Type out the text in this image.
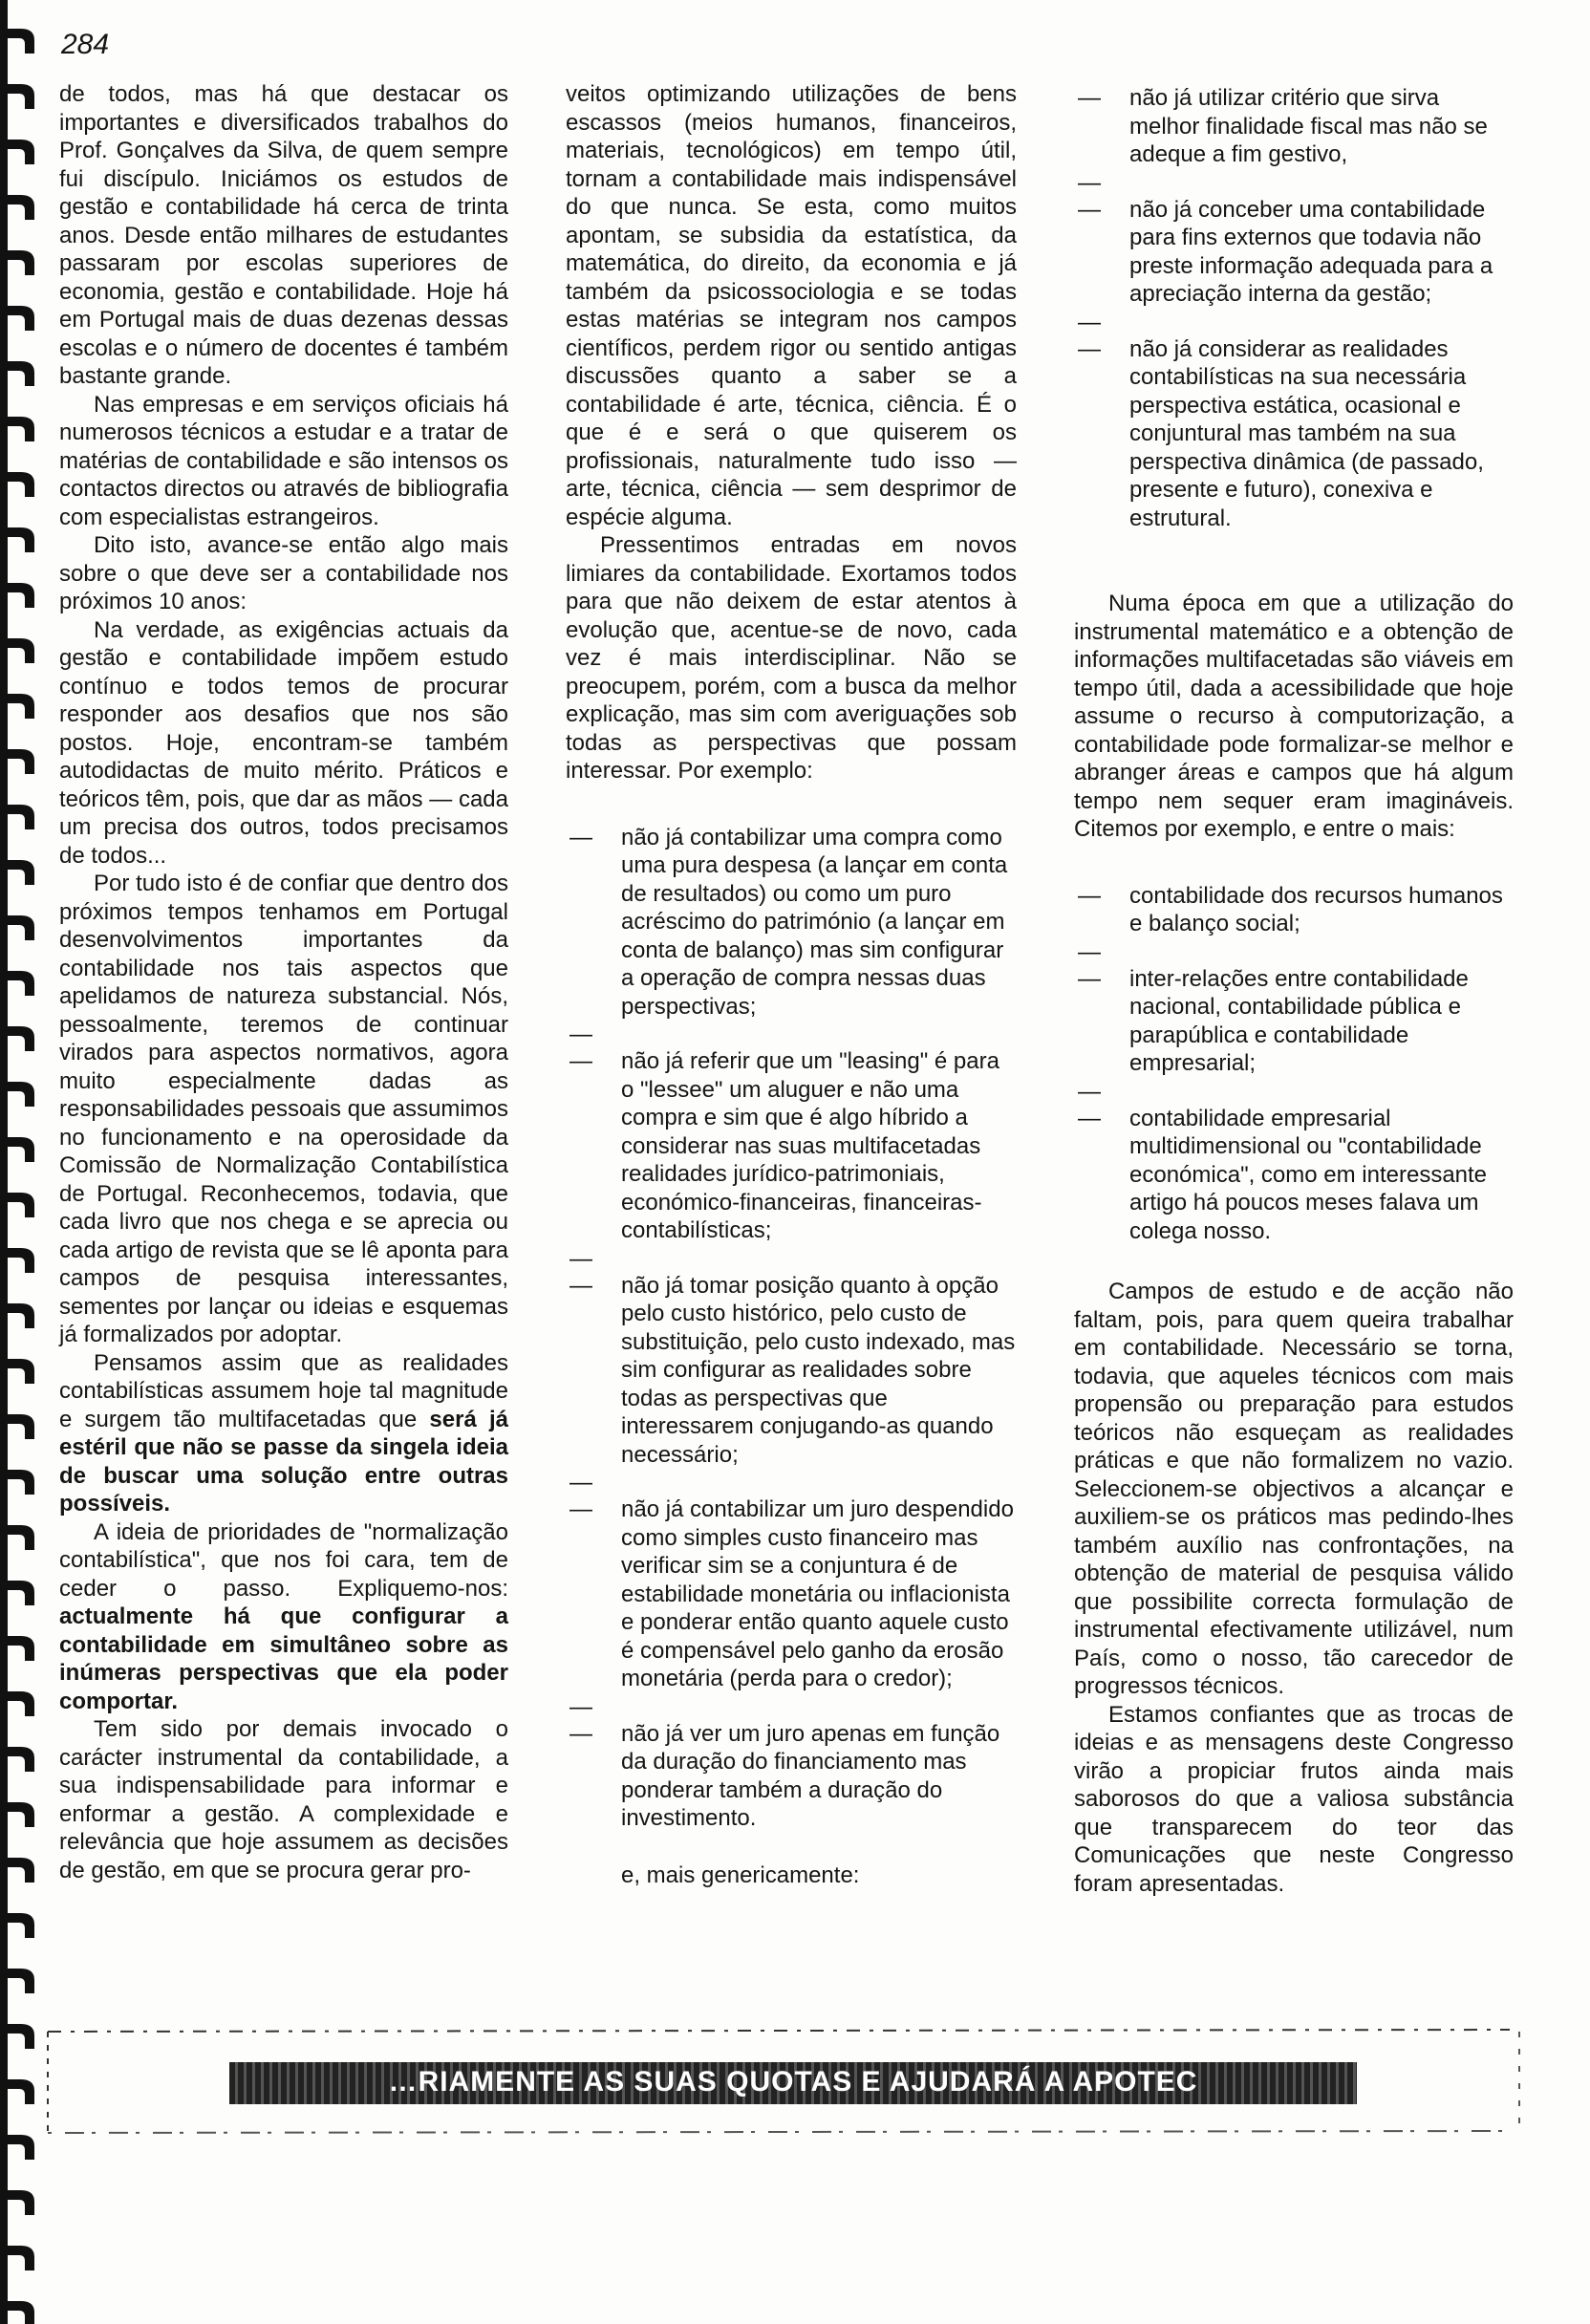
284

de todos, mas há que destacar os importantes e diversificados trabalhos do Prof. Gonçalves da Silva, de quem sempre fui discípulo. Iniciámos os estudos de gestão e contabilidade há cerca de trinta anos. Desde então milhares de estudantes passaram por escolas superiores de economia, gestão e contabilidade. Hoje há em Portugal mais de duas dezenas dessas escolas e o número de docentes é também bastante grande.

Nas empresas e em serviços oficiais há numerosos técnicos a estudar e a tratar de matérias de contabilidade e são intensos os contactos directos ou através de bibliografia com especialistas estrangeiros.

Dito isto, avance-se então algo mais sobre o que deve ser a contabilidade nos próximos 10 anos:

Na verdade, as exigências actuais da gestão e contabilidade impõem estudo contínuo e todos temos de procurar responder aos desafios que nos são postos. Hoje, encontram-se também autodidactas de muito mérito. Práticos e teóricos têm, pois, que dar as mãos — cada um precisa dos outros, todos precisamos de todos...

Por tudo isto é de confiar que dentro dos próximos tempos tenhamos em Portugal desenvolvimentos importantes da contabilidade nos tais aspectos que apelidamos de natureza substancial. Nós, pessoalmente, teremos de continuar virados para aspectos normativos, agora muito especialmente dadas as responsabilidades pessoais que assumimos no funcionamento e na operosidade da Comissão de Normalização Contabilística de Portugal. Reconhecemos, todavia, que cada livro que nos chega e se aprecia ou cada artigo de revista que se lê aponta para campos de pesquisa interessantes, sementes por lançar ou ideias e esquemas já formalizados por adoptar.

Pensamos assim que as realidades contabilísticas assumem hoje tal magnitude e surgem tão multifacetadas que será já estéril que não se passe da singela ideia de buscar uma solução entre outras possíveis.

A ideia de prioridades de "normalização contabilística", que nos foi cara, tem de ceder o passo. Expliquemo-nos: actualmente há que configurar a contabilidade em simultâneo sobre as inúmeras perspectivas que ela poder comportar.

Tem sido por demais invocado o carácter instrumental da contabilidade, a sua indispensabilidade para informar e enformar a gestão. A complexidade e relevância que hoje assumem as decisões de gestão, em que se procura gerar pro-

veitos optimizando utilizações de bens escassos (meios humanos, financeiros, materiais, tecnológicos) em tempo útil, tornam a contabilidade mais indispensável do que nunca. Se esta, como muitos apontam, se subsidia da estatística, da matemática, do direito, da economia e já também da psicossociologia e se todas estas matérias se integram nos campos científicos, perdem rigor ou sentido antigas discussões quanto a saber se a contabilidade é arte, técnica, ciência. É o que é e será o que quiserem os profissionais, naturalmente tudo isso — arte, técnica, ciência — sem desprimor de espécie alguma.

Pressentimos entradas em novos limiares da contabilidade. Exortamos todos para que não deixem de estar atentos à evolução que, acentue-se de novo, cada vez é mais interdisciplinar. Não se preocupem, porém, com a busca da melhor explicação, mas sim com averiguações sob todas as perspectivas que possam interessar. Por exemplo:

— não já contabilizar uma compra como uma pura despesa (a lançar em conta de resultados) ou como um puro acréscimo do património (a lançar em conta de balanço) mas sim configurar a operação de compra nessas duas perspectivas;
—
— não já referir que um "leasing" é para o "lessee" um aluguer e não uma compra e sim que é algo híbrido a considerar nas suas multifacetadas realidades jurídico-patrimoniais, económico-financeiras, financeiras-contabilísticas;
—
— não já tomar posição quanto à opção pelo custo histórico, pelo custo de substituição, pelo custo indexado, mas sim configurar as realidades sobre todas as perspectivas que interessarem conjugando-as quando necessário;
—
— não já contabilizar um juro despendido como simples custo financeiro mas verificar sim se a conjuntura é de estabilidade monetária ou inflacionista e ponderar então quanto aquele custo é compensável pelo ganho da erosão monetária (perda para o credor);
—
— não já ver um juro apenas em função da duração do financiamento mas ponderar também a duração do investimento.

e, mais genericamente:

— não já utilizar critério que sirva melhor finalidade fiscal mas não se adeque a fim gestivo,
—
— não já conceber uma contabilidade para fins externos que todavia não preste informação adequada para a apreciação interna da gestão;
—
— não já considerar as realidades contabilísticas na sua necessária perspectiva estática, ocasional e conjuntural mas também na sua perspectiva dinâmica (de passado, presente e futuro), conexiva e estrutural.

Numa época em que a utilização do instrumental matemático e a obtenção de informações multifacetadas são viáveis em tempo útil, dada a acessibilidade que hoje assume o recurso à computorização, a contabilidade pode formalizar-se melhor e abranger áreas e campos que há algum tempo nem sequer eram imagináveis. Citemos por exemplo, e entre o mais:

— contabilidade dos recursos humanos e balanço social;
—
— inter-relações entre contabilidade nacional, contabilidade pública e parapública e contabilidade empresarial;
—
— contabilidade empresarial multidimensional ou "contabilidade económica", como em interessante artigo há poucos meses falava um colega nosso.

Campos de estudo e de acção não faltam, pois, para quem queira trabalhar em contabilidade. Necessário se torna, todavia, que aqueles técnicos com mais propensão ou preparação para estudos teóricos não esqueçam as realidades práticas e que não formalizem no vazio. Seleccionem-se objectivos a alcançar e auxiliem-se os práticos mas pedindo-lhes também auxílio nas confrontações, na obtenção de material de pesquisa válido que possibilite correcta formulação de instrumental efectivamente utilizável, num País, como o nosso, tão carecedor de progressos técnicos.

Estamos confiantes que as trocas de ideias e as mensagens deste Congresso virão a propiciar frutos ainda mais saborosos do que a valiosa substância que transparecem do teor das Comunicações que neste Congresso foram apresentadas.

…RIAMENTE AS SUAS QUOTAS E AJUDARÁ A APOTEC
